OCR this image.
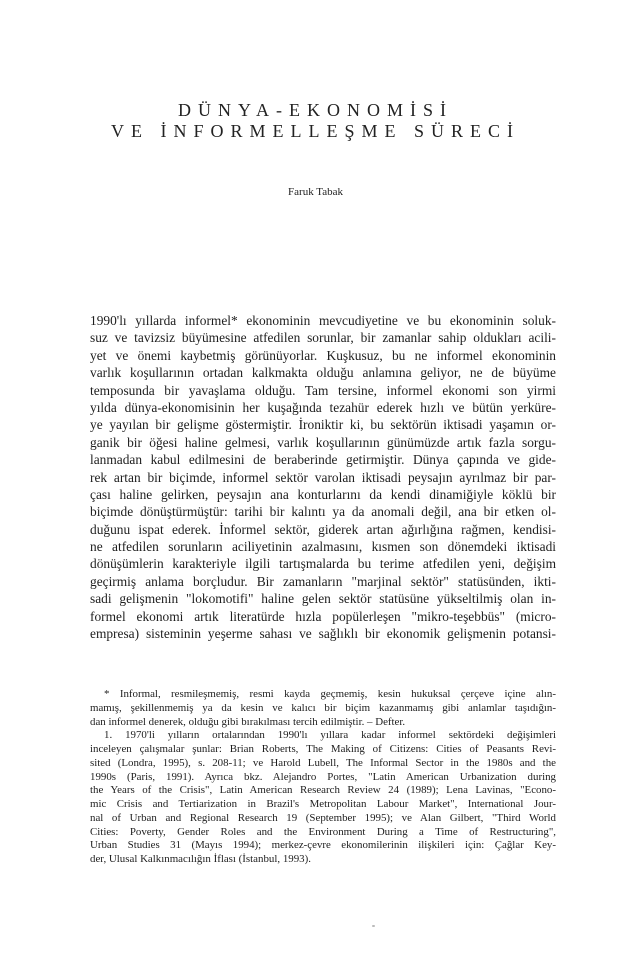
DÜNYA-EKONOMİSİ
VE İNFORMELLEŞME SÜRECİ
Faruk Tabak
1990'lı yıllarda informel* ekonominin mevcudiyetine ve bu ekonominin soluk-
suz ve tavizsiz büyümesine atfedilen sorunlar, bir zamanlar sahip oldukları acili-
yet ve önemi kaybetmiş görünüyorlar. Kuşkusuz, bu ne informel ekonominin
varlık koşullarının ortadan kalkmakta olduğu anlamına geliyor, ne de büyüme
temposunda bir yavaşlama olduğu. Tam tersine, informel ekonomi son yirmi
yılda dünya-ekonomisinin her kuşağında tezahür ederek hızlı ve bütün yerküre-
ye yayılan bir gelişme göstermiştir. İroniktir ki, bu sektörün iktisadi yaşamın or-
ganik bir öğesi haline gelmesi, varlık koşullarının günümüzde artık fazla sorgu-
lanmadan kabul edilmesini de beraberinde getirmiştir. Dünya çapında ve gide-
rek artan bir biçimde, informel sektör varolan iktisadi peysajın ayrılmaz bir par-
çası haline gelirken, peysajın ana konturlarını da kendi dinamiğiyle köklü bir
biçimde dönüştürmüştür: tarihi bir kalıntı ya da anomali değil, ana bir etken ol-
duğunu ispat ederek. İnformel sektör, giderek artan ağırlığına rağmen, kendisi-
ne atfedilen sorunların aciliyetinin azalmasını, kısmen son dönemdeki iktisadi
dönüşümlerin karakteriyle ilgili tartışmalarda bu terime atfedilen yeni, değişim
geçirmiş anlama borçludur. Bir zamanların "marjinal sektör" statüsünden, ikti-
sadi gelişmenin "lokomotifi" haline gelen sektör statüsüne yükseltilmiş olan in-
formel ekonomi artık literatürde hızla popülerleşen "mikro-teşebbüs" (micro-
empresa) sisteminin yeşerme sahası ve sağlıklı bir ekonomik gelişmenin potansi-
* Informal, resmileşmemiş, resmi kayda geçmemiş, kesin hukuksal çerçeve içine alın-
mamış, şekillenmemiş ya da kesin ve kalıcı bir biçim kazanmamış gibi anlamlar taşıdığın-
dan informel denerek, olduğu gibi bırakılması tercih edilmiştir. – Defter.
1. 1970'li yılların ortalarından 1990'lı yıllara kadar informel sektördeki değişimleri
inceleyen çalışmalar şunlar: Brian Roberts, The Making of Citizens: Cities of Peasants Revi-
sited (Londra, 1995), s. 208-11; ve Harold Lubell, The Informal Sector in the 1980s and the
1990s (Paris, 1991). Ayrıca bkz. Alejandro Portes, "Latin American Urbanization during
the Years of the Crisis", Latin American Research Review 24 (1989); Lena Lavinas, "Econo-
mic Crisis and Tertiarization in Brazil's Metropolitan Labour Market", International Jour-
nal of Urban and Regional Research 19 (September 1995); ve Alan Gilbert, "Third World
Cities: Poverty, Gender Roles and the Environment During a Time of Restructuring",
Urban Studies 31 (Mayıs 1994); merkez-çevre ekonomilerinin ilişkileri için: Çağlar Key-
der, Ulusal Kalkınmacılığın İflası (İstanbul, 1993).
